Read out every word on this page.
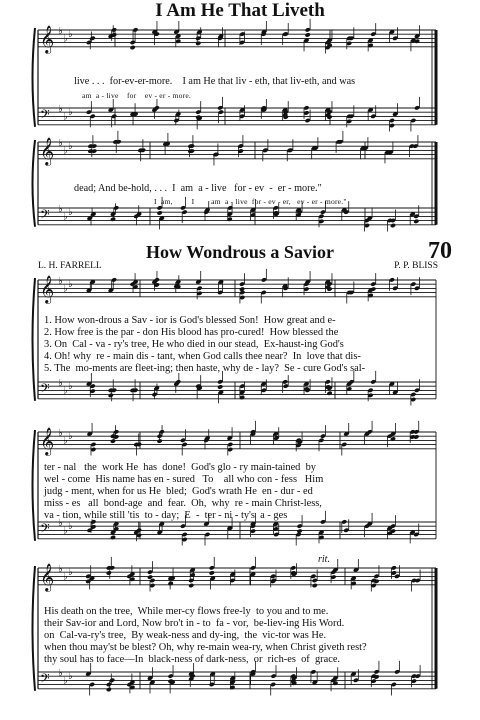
𝄞 ♭
♭ ♭
𝄢 ♭
♭ ♭
𝄞 ♭
♭ ♭
𝄢 ♭
♭ ♭
𝄞 ♭
♭ ♭
𝄢 ♭
♭ ♭
𝄞 ♭
♭ ♭
𝄢 ♭
♭ ♭
𝄞 ♭
♭ ♭
𝄢 ♭
♭ ♭
I Am He That Liveth
live . . .  for-ev-er-more.    I am He that liv - eth, that liv-eth, and was
am  a - live    for    ev - er - more.
dead; And be-hold, . . .  I  am  a - live   for - ev  -  er - more."
I  am,         I        am  a - live  for - ev - er,   ev - er - more."
How Wondrous a Savior	70
L. H. FARRELL	P. P. BLISS
1. How won-drous a Sav - ior is God's blessed Son!  How great and e-
2. How free is the par - don His blood has pro-cured!  How blessed the
3. On  Cal - va - ry's tree, He who died in our stead,  Ex-haust-ing God's
4. Oh! why  re - main dis - tant, when God calls thee near?  In  love that dis-
5. The  mo-ments are fleet-ing; then haste, why de - lay?  Se - cure God's sal-
ter - nal   the  work He  has  done!  God's glo - ry main-tained  by
wel - come  His name has en - sured   To    all who con - fess   Him
judg - ment, when for us He  bled;  God's wrath He  en - dur - ed
miss - es   all  bond-age  and  fear.  Oh,  why  re - main Christ-less,
va - tion, while still 'tis  to - day;  E  -  ter - ni - ty's  a - ges
His death on the tree,  While mer-cy flows free-ly  to you and to me.
their Sav-ior and Lord, Now bro't in - to  fa - vor,  be-liev-ing His Word.
on  Cal-va-ry's tree,  By weak-ness and dy-ing,  the  vic-tor was He.
when thou may'st be blest? Oh, why re-main wea-ry, when Christ giveth rest?
thy soul has to face—In  black-ness of dark-ness,  or  rich-es  of  grace.
rit.
